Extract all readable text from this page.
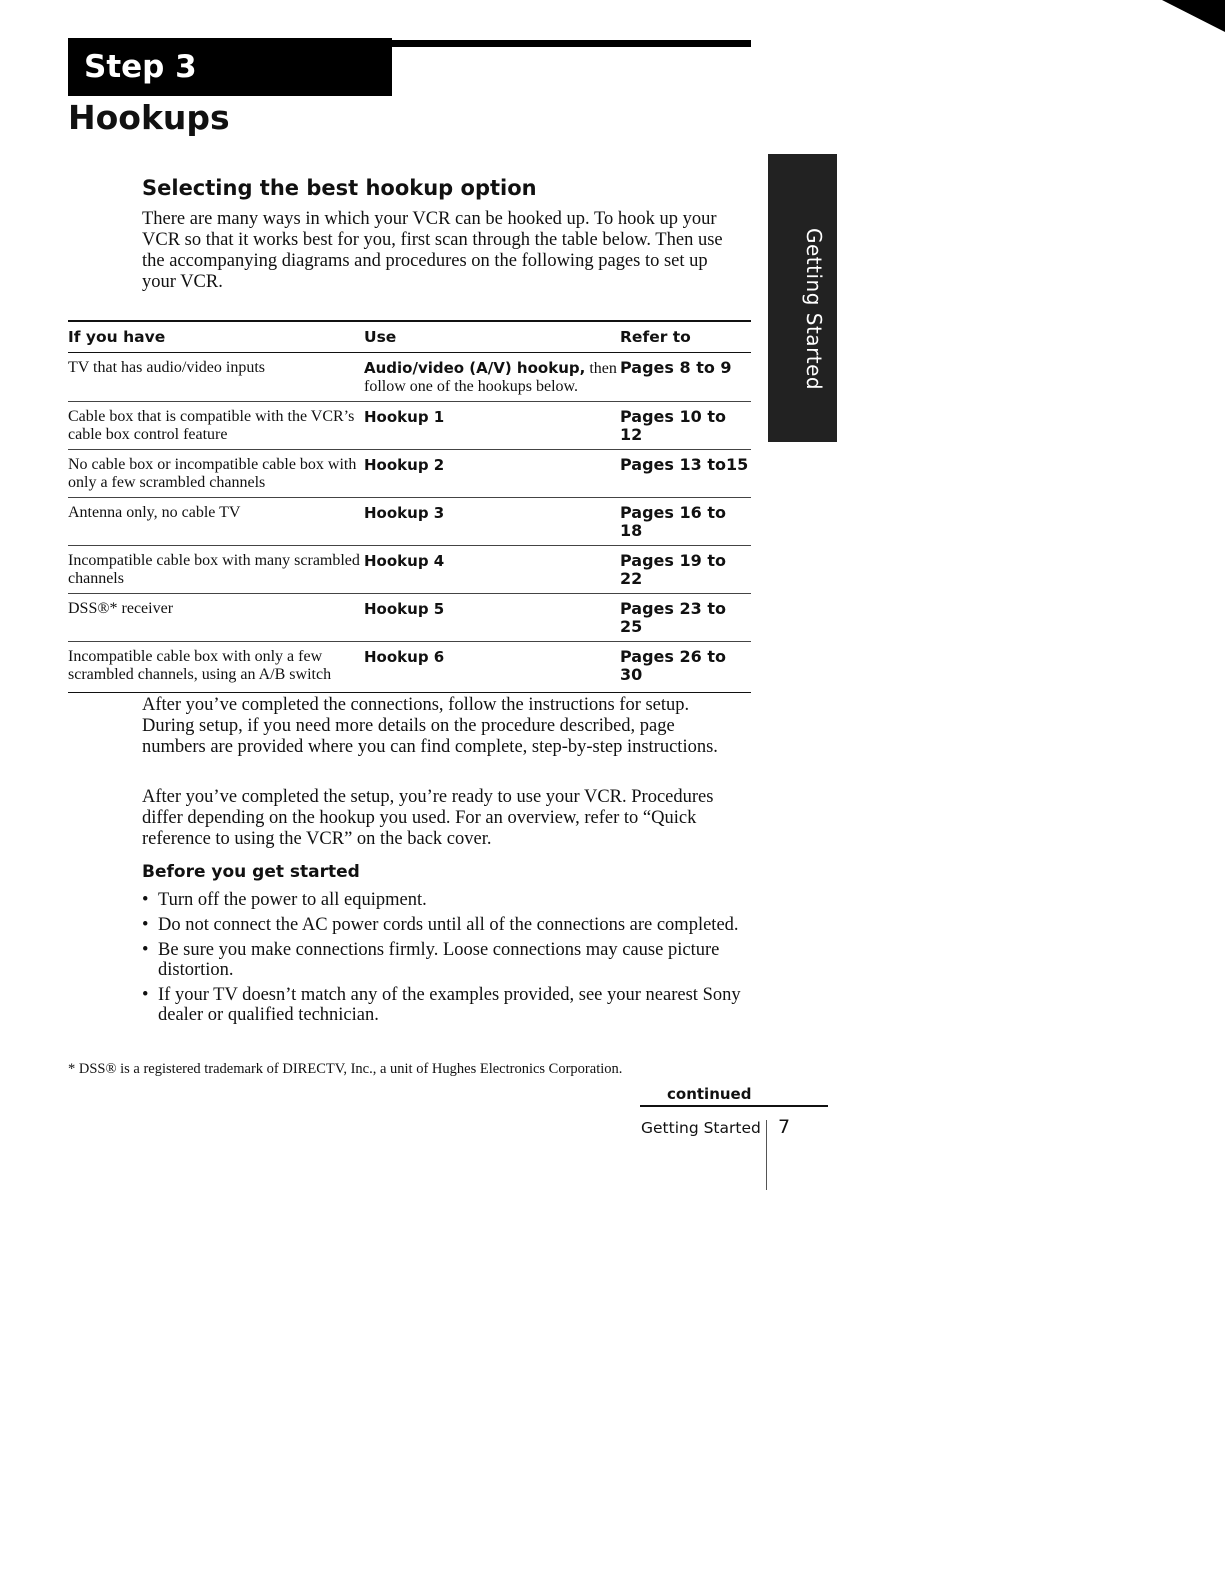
Step 3
Hookups
Getting Started
Selecting the best hookup option

There are many ways in which your VCR can be hooked up. To hook up your VCR so that it works best for you, first scan through the table below. Then use the accompanying diagrams and procedures on the following pages to set up your VCR.

If you have	Use	Refer to
TV that has audio/video inputs	Audio/video (A/V) hookup, then follow one of the hookups below.	Pages 8 to 9
Cable box that is compatible with the VCR’s cable box control feature	Hookup 1	Pages 10 to 12
No cable box or incompatible cable box with only a few scrambled channels	Hookup 2	Pages 13 to15
Antenna only, no cable TV	Hookup 3	Pages 16 to 18
Incompatible cable box with many scrambled channels	Hookup 4	Pages 19 to 22
DSS®* receiver	Hookup 5	Pages 23 to 25
Incompatible cable box with only a few scrambled channels, using an A/B switch	Hookup 6	Pages 26 to 30

After you’ve completed the connections, follow the instructions for setup. During setup, if you need more details on the procedure described, page numbers are provided where you can find complete, step-by-step instructions.

After you’ve completed the setup, you’re ready to use your VCR. Procedures differ depending on the hookup you used. For an overview, refer to “Quick reference to using the VCR” on the back cover.

Before you get started
• Turn off the power to all equipment.
• Do not connect the AC power cords until all of the connections are completed.
• Be sure you make connections firmly. Loose connections may cause picture distortion.
• If your TV doesn’t match any of the examples provided, see your nearest Sony dealer or qualified technician.

* DSS® is a registered trademark of DIRECTV, Inc., a unit of Hughes Electronics Corporation.

continued

Getting Started 7
